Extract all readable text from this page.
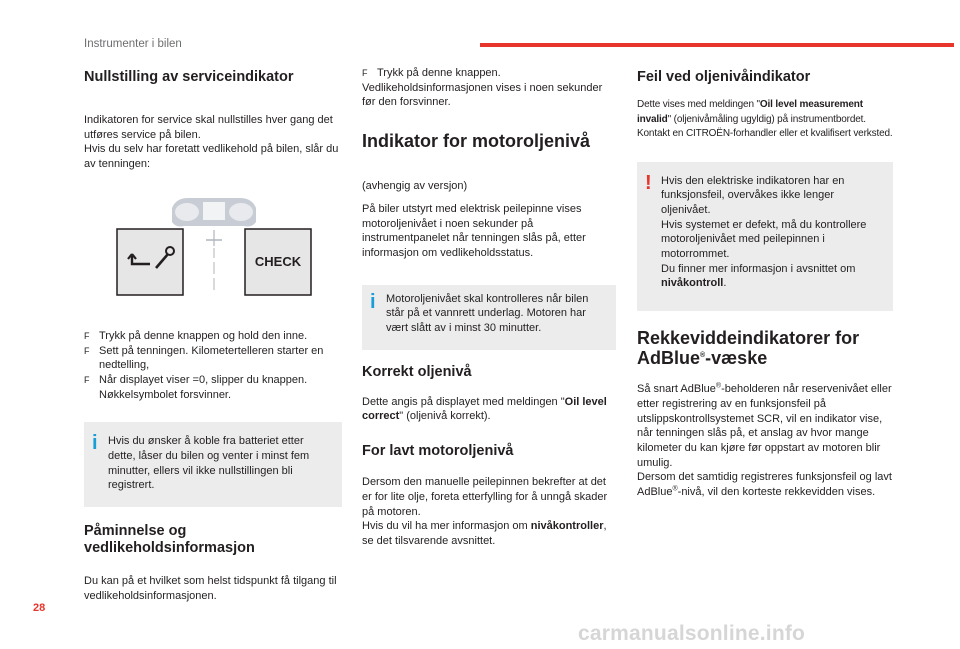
Instrumenter i bilen
Nullstilling av serviceindikator

Indikatoren for service skal nullstilles hver gang det utføres service på bilen.

Hvis du selv har foretatt vedlikehold på bilen, slår du av tenningen:

CHECK
F Trykk på denne knappen og hold den inne.
F Sett på tenningen. Kilometertelleren starter en nedtelling,
F Når displayet viser =0, slipper du knappen. Nøkkelsymbolet forsvinner.
i Hvis du ønsker å koble fra batteriet etter dette, låser du bilen og venter i minst fem minutter, ellers vil ikke nullstillingen bli registrert.

Påminnelse og vedlikeholdsinformasjon

Du kan på et hvilket som helst tidspunkt få tilgang til vedlikeholdsinformasjonen.

F Trykk på denne knappen.

Vedlikeholdsinformasjonen vises i noen sekunder før den forsvinner.

Indikator for motoroljenivå

(avhengig av versjon)

På biler utstyrt med elektrisk peilepinne vises motoroljenivået i noen sekunder på instrumentpanelet når tenningen slås på, etter informasjon om vedlikeholdsstatus.

i Motoroljenivået skal kontrolleres når bilen står på et vannrett underlag. Motoren har vært slått av i minst 30 minutter.

Korrekt oljenivå

Dette angis på displayet med meldingen "Oil level correct" (oljenivå korrekt).

For lavt motoroljenivå

Dersom den manuelle peilepinnen bekrefter at det er for lite olje, foreta etterfylling for å unngå skader på motoren.

Hvis du vil ha mer informasjon om nivåkontroller, se det tilsvarende avsnittet.

Feil ved oljenivåindikator

Dette vises med meldingen "Oil level measurement invalid" (oljenivåmåling ugyldig) på instrumentbordet. Kontakt en CITROËN-forhandler eller et kvalifisert verksted.

! Hvis den elektriske indikatoren har en funksjonsfeil, overvåkes ikke lenger oljenivået.

Hvis systemet er defekt, må du kontrollere motoroljenivået med peilepinnen i motorrommet.

Du finner mer informasjon i avsnittet om nivåkontroll.

Rekkeviddeindikatorer for
AdBlue®-væske

Så snart AdBlue®-beholderen når reservenivået eller etter registrering av en funksjonsfeil på utslippskontrollsystemet SCR, vil en indikator vise, når tenningen slås på, et anslag av hvor mange kilometer du kan kjøre før oppstart av motoren blir umulig.

Dersom det samtidig registreres funksjonsfeil og lavt AdBlue®-nivå, vil den korteste rekkevidden vises.

28
carmanualsonline.info
